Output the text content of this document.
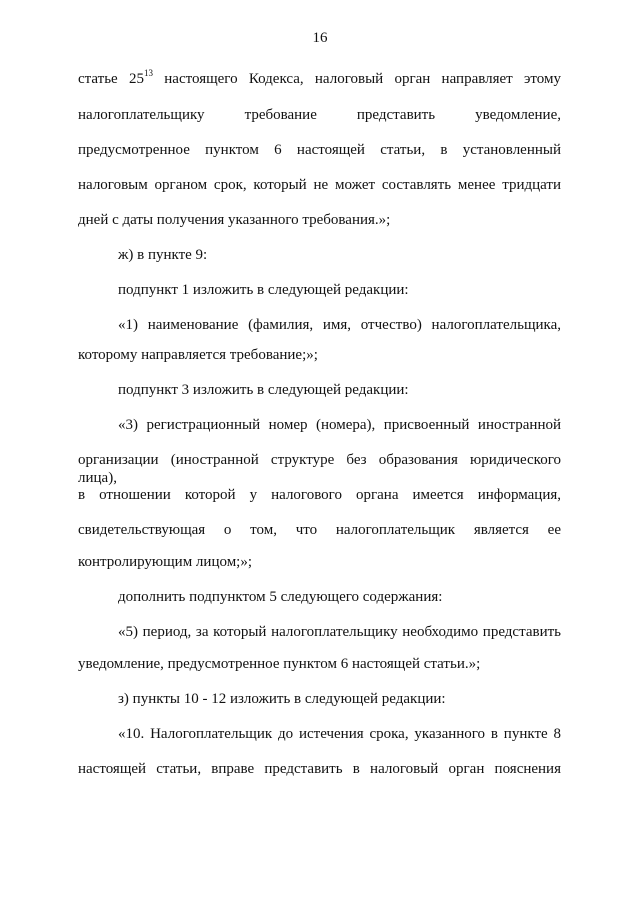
16
статье $25^{13}$ настоящего Кодекса, налоговый орган направляет этому
налогоплательщику требование представить уведомление,
предусмотренное пунктом 6 настоящей статьи, в установленный
налоговым органом срок, который не может составлять менее тридцати
дней с даты получения указанного требования.»;
ж) в пункте 9:
подпункт 1 изложить в следующей редакции:
«1) наименование (фамилия, имя, отчество) налогоплательщика,
которому направляется требование;»;
подпункт 3 изложить в следующей редакции:
«3) регистрационный номер (номера), присвоенный иностранной
организации (иностранной структуре без образования юридического лица),
в отношении которой у налогового органа имеется информация,
свидетельствующая о том, что налогоплательщик является ее
контролирующим лицом;»;
дополнить подпунктом 5 следующего содержания:
«5) период, за который налогоплательщику необходимо представить
уведомление, предусмотренное пунктом 6 настоящей статьи.»;
з) пункты 10 - 12 изложить в следующей редакции:
«10. Налогоплательщик до истечения срока, указанного в пункте 8
настоящей статьи, вправе представить в налоговый орган пояснения
